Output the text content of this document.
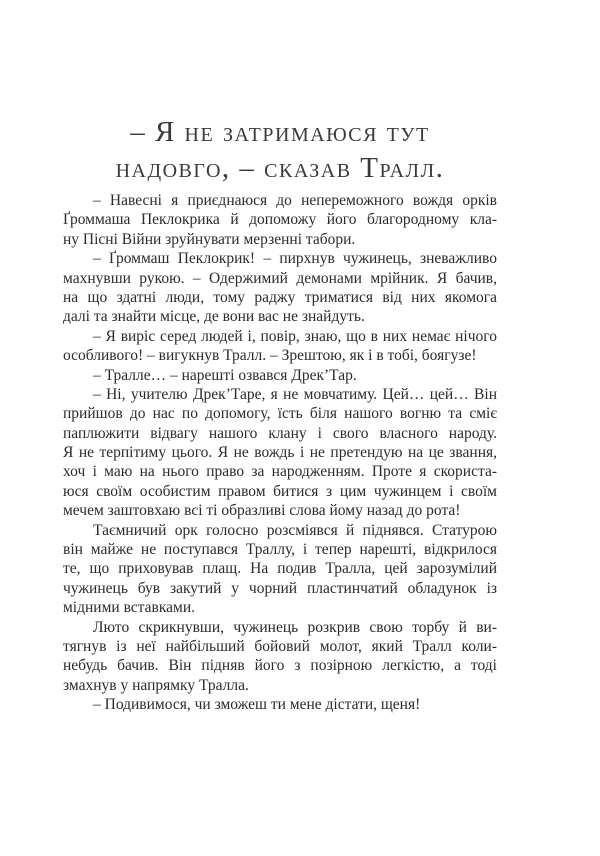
– Я не затримаюся тут
надовго, – сказав Тралл.
– Навесні я приєднаюся до непереможного вождя орків
Ґроммаша Пеклокрика й допоможу його благородному кла-
ну Пісні Війни зруйнувати мерзенні табори.
– Ґроммаш Пеклокрик! – пирхнув чужинець, зневажливо
махнувши рукою. – Одержимий демонами мрійник. Я бачив,
на що здатні люди, тому раджу триматися від них якомога
далі та знайти місце, де вони вас не знайдуть.
– Я виріс серед людей і, повір, знаю, що в них немає нічого
особливого! – вигукнув Тралл. – Зрештою, як і в тобі, боягузе!
– Тралле… – нарешті озвався Дрек’Тар.
– Ні, учителю Дрек’Таре, я не мовчатиму. Цей… цей… Він
прийшов до нас по допомогу, їсть біля нашого вогню та сміє
паплюжити відвагу нашого клану і свого власного народу.
Я не терпітиму цього. Я не вождь і не претендую на це звання,
хоч і маю на нього право за народженням. Проте я скориста-
юся своїм особистим правом битися з цим чужинцем і своїм
мечем заштовхаю всі ті образливі слова йому назад до рота!
Таємничий орк голосно розсміявся й піднявся. Статурою
він майже не поступався Траллу, і тепер нарешті, відкрилося
те, що приховував плащ. На подив Тралла, цей зарозумілий
чужинець був закутий у чорний пластинчатий обладунок із
мідними вставками.
Люто скрикнувши, чужинець розкрив свою торбу й ви-
тягнув із неї найбільший бойовий молот, який Тралл коли-
небудь бачив. Він підняв його з позірною легкістю, а тоді
змахнув у напрямку Тралла.
– Подивимося, чи зможеш ти мене дістати, щеня!
